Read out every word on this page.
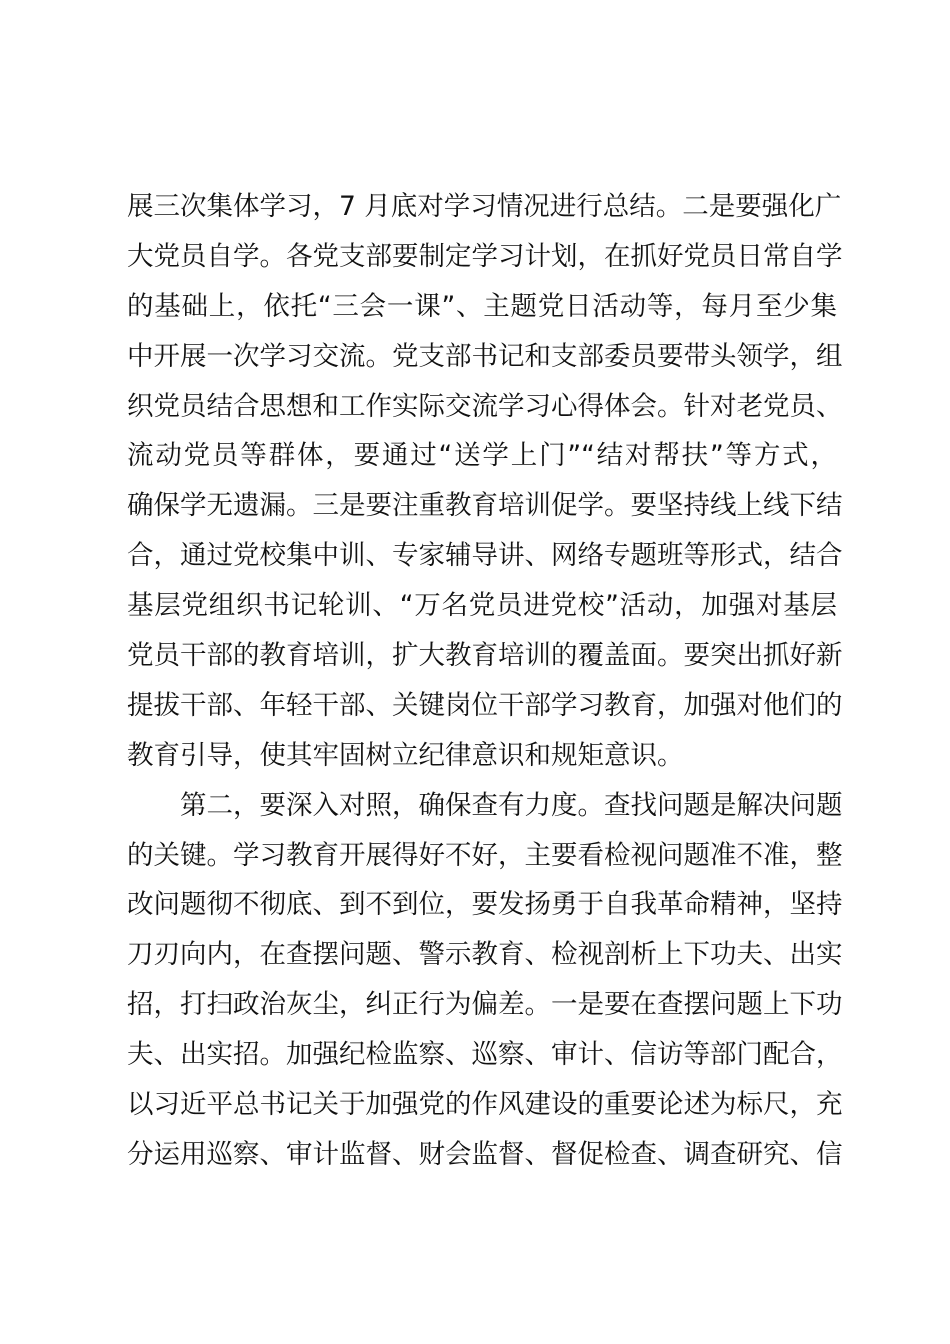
展三次集体学习，7 月底对学习情况进行总结。二是要强化广
大党员自学。各党支部要制定学习计划，在抓好党员日常自学
的基础上，依托“三会一课”、主题党日活动等，每月至少集
中开展一次学习交流。党支部书记和支部委员要带头领学，组
织党员结合思想和工作实际交流学习心得体会。针对老党员、
流动党员等群体，要通过“送学上门”“结对帮扶”等方式，
确保学无遗漏。三是要注重教育培训促学。要坚持线上线下结
合，通过党校集中训、专家辅导讲、网络专题班等形式，结合
基层党组织书记轮训、“万名党员进党校”活动，加强对基层
党员干部的教育培训，扩大教育培训的覆盖面。要突出抓好新
提拔干部、年轻干部、关键岗位干部学习教育，加强对他们的
教育引导，使其牢固树立纪律意识和规矩意识。
第二，要深入对照，确保查有力度。查找问题是解决问题
的关键。学习教育开展得好不好，主要看检视问题准不准，整
改问题彻不彻底、到不到位，要发扬勇于自我革命精神，坚持
刀刃向内，在查摆问题、警示教育、检视剖析上下功夫、出实
招，打扫政治灰尘，纠正行为偏差。一是要在查摆问题上下功
夫、出实招。加强纪检监察、巡察、审计、信访等部门配合，
以习近平总书记关于加强党的作风建设的重要论述为标尺，充
分运用巡察、审计监督、财会监督、督促检查、调查研究、信
